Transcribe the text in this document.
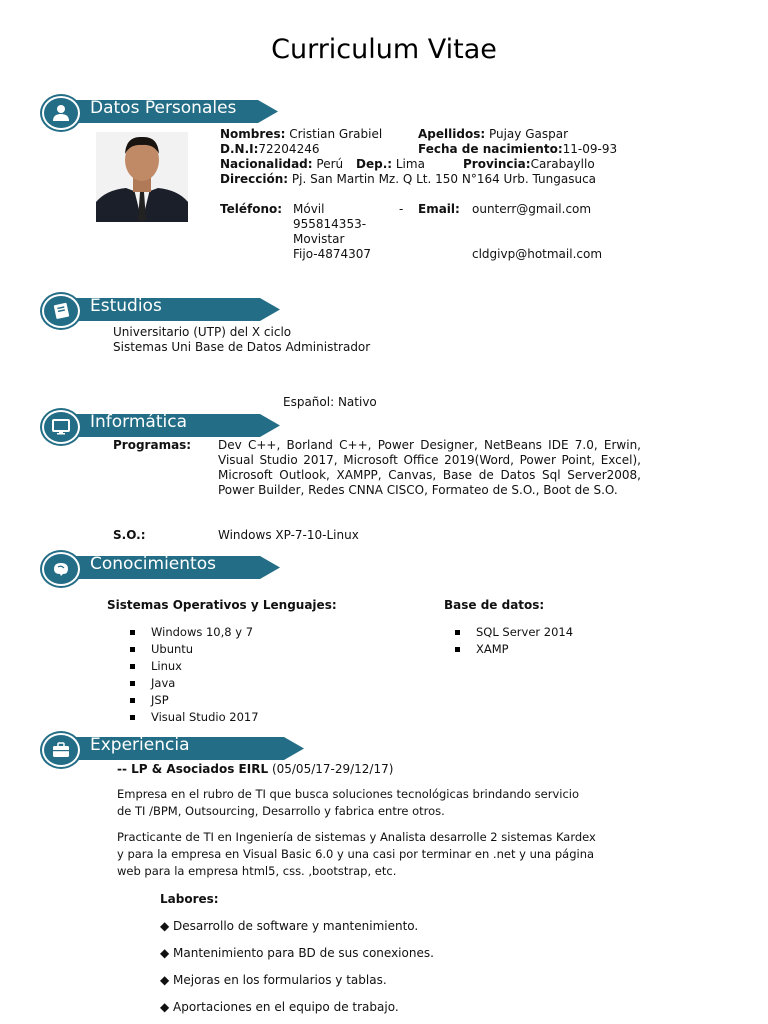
Curriculum Vitae
Datos Personales
Nombres: Cristian Grabiel	Apellidos: Pujay Gaspar
D.N.I:72204246	Fecha de nacimiento:11-09-93
Nacionalidad: Perú Dep.: Lima	Provincia:Carabayllo
Dirección: Pj. San Martin Mz. Q Lt. 150 N°164 Urb. Tungasuca
Teléfono: Móvil	-
955814353-
Movistar
Fijo-4874307
Email: ounterr@gmail.com
cldgivp@hotmail.com
Estudios
Universitario (UTP) del X ciclo
Sistemas Uni Base de Datos Administrador
Español: Nativo
Informática
Programas: Dev C++, Borland C++, Power Designer, NetBeans IDE 7.0, Erwin, Visual Studio 2017, Microsoft Office 2019(Word, Power Point, Excel), Microsoft Outlook, XAMPP, Canvas, Base de Datos Sql Server2008, Power Builder, Redes CNNA CISCO, Formateo de S.O., Boot de S.O.
S.O.:	Windows XP-7-10-Linux
Conocimientos
Sistemas Operativos y Lenguajes:	Base de datos:
Windows 10,8 y 7
Ubuntu
Linux
Java
JSP
Visual Studio 2017
SQL Server 2014
XAMP
Experiencia
-- LP & Asociados EIRL (05/05/17-29/12/17)
Empresa en el rubro de TI que busca soluciones tecnológicas brindando servicio de TI /BPM, Outsourcing, Desarrollo y fabrica entre otros.
Practicante de TI en Ingeniería de sistemas y Analista desarrolle 2 sistemas Kardex y para la empresa en Visual Basic 6.0 y una casi por terminar en .net y una página web para la empresa html5, css. ,bootstrap, etc.
Labores:
◆ Desarrollo de software y mantenimiento.
◆ Mantenimiento para BD de sus conexiones.
◆ Mejoras en los formularios y tablas.
◆ Aportaciones en el equipo de trabajo.
